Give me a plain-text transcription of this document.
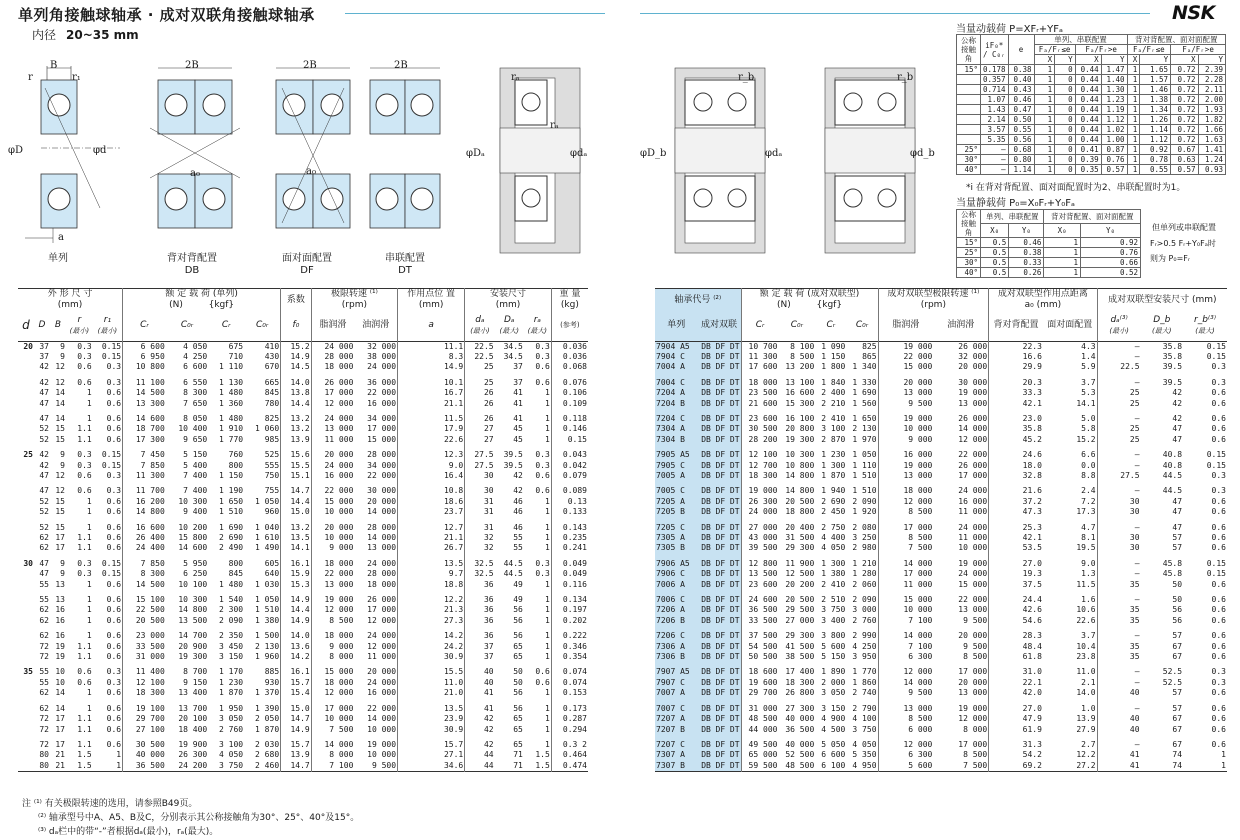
单列角接触球轴承 · 成对双联角接触球轴承
内径 20~35 mm
NSK
B
r	r₁
φD	φd
a
单列
2B
a₀
背对背配置
DB
2B
a₀
面对面配置
DF
2B
串联配置
DT
φDₐ	φdₐ
rₐ
rₐ
φD_b	φdₐ
r_b
φd_b
r_b
当量动载荷 P=XFᵣ+YFₐ
公称接触角	iF₀* / C₀ᵣ	e	单列、串联配置				背对背配置、面对面配置			
			Fₐ/Fᵣ≤e		Fₐ/Fᵣ>e		Fₐ/Fᵣ≤e		Fₐ/Fᵣ>e	
			X	Y	X	Y	X	Y	X	Y
15°	0.178	0.38	1	0	0.44	1.47	1	1.65	0.72	2.39
	0.357	0.40	1	0	0.44	1.40	1	1.57	0.72	2.28
	0.714	0.43	1	0	0.44	1.30	1	1.46	0.72	2.11
	1.07	0.46	1	0	0.44	1.23	1	1.38	0.72	2.00
	1.43	0.47	1	0	0.44	1.19	1	1.34	0.72	1.93
	2.14	0.50	1	0	0.44	1.12	1	1.26	0.72	1.82
	3.57	0.55	1	0	0.44	1.02	1	1.14	0.72	1.66
	5.35	0.56	1	0	0.44	1.00	1	1.12	0.72	1.63
25°	—	0.68	1	0	0.41	0.87	1	0.92	0.67	1.41
30°	—	0.80	1	0	0.39	0.76	1	0.78	0.63	1.24
40°	—	1.14	1	0	0.35	0.57	1	0.55	0.57	0.93
*i 在背对背配置、面对面配置时为2、串联配置时为1。
当量静载荷 P₀=X₀Fᵣ+Y₀Fₐ
公称接触角	单列、串联配置		背对背配置、面对面配置	
	X₀	Y₀	X₀	Y₀
15°	0.5	0.46	1	0.92
25°	0.5	0.38	1	0.76
30°	0.5	0.33	1	0.66
40°	0.5	0.26	1	0.52
但单列或串联配置
Fᵣ>0.5 Fᵣ+Y₀Fₐ时
则为 P₀=Fᵣ
外 形 尺 寸
(mm)					额 定 载 荷 (单列)
(N) {kgf}				系数	极限转速 ⁽¹⁾
(rpm)		作用点位 置
(mm)	安装尺寸
(mm)			重 量
(kg)
d	D	B	r
(最小)	r₁
(最小)	Cᵣ	C₀ᵣ	Cᵣ	C₀ᵣ	f₀	脂润滑	油润滑	a	dₐ
(最小)	Dₐ
(最大)	rₐ
(最大)	(参考)
20	37	9	0.3	0.15	6 600	4 050	675	410	15.2	24 000	32 000	11.1	22.5	34.5	0.3	0.036
	37	9	0.3	0.15	6 950	4 250	710	430	14.9	28 000	38 000	8.3	22.5	34.5	0.3	0.036
	42	12	0.6	0.3	10 800	6 600	1 110	670	14.5	18 000	24 000	14.9	25	37	0.6	0.068
	42	12	0.6	0.3	11 100	6 550	1 130	665	14.0	26 000	36 000	10.1	25	37	0.6	0.076
	47	14	1	0.6	14 500	8 300	1 480	845	13.8	17 000	22 000	16.7	26	41	1	0.106
	47	14	1	0.6	13 300	7 650	1 360	780	14.4	12 000	16 000	21.1	26	41	1	0.109
	47	14	1	0.6	14 600	8 050	1 480	825	13.2	24 000	34 000	11.5	26	41	1	0.118
	52	15	1.1	0.6	18 700	10 400	1 910	1 060	13.2	13 000	17 000	17.9	27	45	1	0.146
	52	15	1.1	0.6	17 300	9 650	1 770	985	13.9	11 000	15 000	22.6	27	45	1	0.15
25	42	9	0.3	0.15	7 450	5 150	760	525	15.6	20 000	28 000	12.3	27.5	39.5	0.3	0.043
	42	9	0.3	0.15	7 850	5 400	800	555	15.5	24 000	34 000	9.0	27.5	39.5	0.3	0.042
	47	12	0.6	0.3	11 300	7 400	1 150	750	15.1	16 000	22 000	16.4	30	42	0.6	0.079
	47	12	0.6	0.3	11 700	7 400	1 190	755	14.7	22 000	30 000	10.8	30	42	0.6	0.089
	52	15	1	0.6	16 200	10 300	1 650	1 050	14.4	15 000	20 000	18.6	31	46	1	0.13
	52	15	1	0.6	14 800	9 400	1 510	960	15.0	10 000	14 000	23.7	31	46	1	0.133
	52	15	1	0.6	16 600	10 200	1 690	1 040	13.2	20 000	28 000	12.7	31	46	1	0.143
	62	17	1.1	0.6	26 400	15 800	2 690	1 610	13.5	10 000	14 000	21.1	32	55	1	0.235
	62	17	1.1	0.6	24 400	14 600	2 490	1 490	14.1	9 000	13 000	26.7	32	55	1	0.241
30	47	9	0.3	0.15	7 850	5 950	800	605	16.1	18 000	24 000	13.5	32.5	44.5	0.3	0.049
	47	9	0.3	0.15	8 300	6 250	845	640	15.9	22 000	28 000	9.7	32.5	44.5	0.3	0.049
	55	13	1	0.6	14 500	10 100	1 480	1 030	15.3	13 000	18 000	18.8	36	49	1	0.116
	55	13	1	0.6	15 100	10 300	1 540	1 050	14.9	19 000	26 000	12.2	36	49	1	0.134
	62	16	1	0.6	22 500	14 800	2 300	1 510	14.4	12 000	17 000	21.3	36	56	1	0.197
	62	16	1	0.6	20 500	13 500	2 090	1 380	14.9	8 500	12 000	27.3	36	56	1	0.202
	62	16	1	0.6	23 000	14 700	2 350	1 500	14.0	18 000	24 000	14.2	36	56	1	0.222
	72	19	1.1	0.6	33 500	20 900	3 450	2 130	13.6	9 000	12 000	24.2	37	65	1	0.346
	72	19	1.1	0.6	31 000	19 300	3 150	1 960	14.2	8 000	11 000	30.9	37	65	1	0.354
35	55	10	0.6	0.3	11 400	8 700	1 170	885	16.1	15 000	20 000	15.5	40	50	0.6	0.074
	55	10	0.6	0.3	12 100	9 150	1 230	930	15.7	18 000	24 000	11.0	40	50	0.6	0.074
	62	14	1	0.6	18 300	13 400	1 870	1 370	15.4	12 000	16 000	21.0	41	56	1	0.153
	62	14	1	0.6	19 100	13 700	1 950	1 390	15.0	17 000	22 000	13.5	41	56	1	0.173
	72	17	1.1	0.6	29 700	20 100	3 050	2 050	14.7	10 000	14 000	23.9	42	65	1	0.287
	72	17	1.1	0.6	27 100	18 400	2 760	1 870	14.9	7 500	10 000	30.9	42	65	1	0.294
	72	17	1.1	0.6	30 500	19 900	3 100	2 030	15.7	14 000	19 000	15.7	42	65	1	0.3 2
	80	21	1.5	1	40 000	26 300	4 050	2 680	13.9	8 000	10 000	27.1	44	71	1.5	0.464
	80	21	1.5	1	36 500	24 200	3 750	2 460	14.7	7 100	9 500	34.6	44	71	1.5	0.474
轴承代号 ⁽²⁾				额 定 载 荷 (成对双联型)
(N) {kgf}				成对双联型极限转速 ⁽¹⁾
(rpm)		成对双联型作用点距离
a₀ (mm)		成对双联型安装尺寸 (mm)		
单列	成对双联			Cᵣ	C₀ᵣ	Cᵣ	C₀ᵣ	脂润滑	油润滑	背对背配置	面对面配置	dₐ⁽³⁾
(最小)	D_b
(最大)	r_b⁽³⁾
(最大)
7904 A5	DB	DF	DT	10 700	8 100	1 090	825	19 000	26 000	22.3	4.3	—	35.8	0.15
7904 C	DB	DF	DT	11 300	8 500	1 150	865	22 000	32 000	16.6	1.4	—	35.8	0.15
7004 A	DB	DF	DT	17 600	13 200	1 800	1 340	15 000	20 000	29.9	5.9	22.5	39.5	0.3
7004 C	DB	DF	DT	18 000	13 100	1 840	1 330	20 000	30 000	20.3	3.7	—	39.5	0.3
7204 A	DB	DF	DT	23 500	16 600	2 400	1 690	13 000	19 000	33.3	5.3	25	42	0.6
7204 B	DB	DF	DT	21 600	15 300	2 210	1 560	9 500	13 000	42.1	14.1	25	42	0.6
7204 C	DB	DF	DT	23 600	16 100	2 410	1 650	19 000	26 000	23.0	5.0	—	42	0.6
7304 A	DB	DF	DT	30 500	20 800	3 100	2 130	10 000	14 000	35.8	5.8	25	47	0.6
7304 B	DB	DF	DT	28 200	19 300	2 870	1 970	9 000	12 000	45.2	15.2	25	47	0.6
7905 A5	DB	DF	DT	12 100	10 300	1 230	1 050	16 000	22 000	24.6	6.6	—	40.8	0.15
7905 C	DB	DF	DT	12 700	10 800	1 300	1 110	19 000	26 000	18.0	0.0	—	40.8	0.15
7005 A	DB	DF	DT	18 300	14 800	1 870	1 510	13 000	17 000	32.8	8.8	27.5	44.5	0.3
7005 C	DB	DF	DT	19 000	14 800	1 940	1 510	18 000	24 000	21.6	2.4	—	44.5	0.3
7205 A	DB	DF	DT	26 300	20 500	2 690	2 090	12 000	16 000	37.2	7.2	30	47	0.6
7205 B	DB	DF	DT	24 000	18 800	2 450	1 920	8 500	11 000	47.3	17.3	30	47	0.6
7205 C	DB	DF	DT	27 000	20 400	2 750	2 080	17 000	24 000	25.3	4.7	—	47	0.6
7305 A	DB	DF	DT	43 000	31 500	4 400	3 250	8 500	11 000	42.1	8.1	30	57	0.6
7305 B	DB	DF	DT	39 500	29 300	4 050	2 980	7 500	10 000	53.5	19.5	30	57	0.6
7906 A5	DB	DF	DT	12 800	11 900	1 300	1 210	14 000	19 000	27.0	9.0	—	45.8	0.15
7906 C	DB	DF	DT	13 500	12 500	1 380	1 280	17 000	24 000	19.3	1.3	—	45.8	0.15
7006 A	DB	DF	DT	23 600	20 200	2 410	2 060	11 000	15 000	37.5	11.5	35	50	0.6
7006 C	DB	DF	DT	24 600	20 500	2 510	2 090	15 000	22 000	24.4	1.6	—	50	0.6
7206 A	DB	DF	DT	36 500	29 500	3 750	3 000	10 000	13 000	42.6	10.6	35	56	0.6
7206 B	DB	DF	DT	33 500	27 000	3 400	2 760	7 100	9 500	54.6	22.6	35	56	0.6
7206 C	DB	DF	DT	37 500	29 300	3 800	2 990	14 000	20 000	28.3	3.7	—	57	0.6
7306 A	DB	DF	DT	54 500	41 500	5 600	4 250	7 100	9 500	48.4	10.4	35	67	0.6
7306 B	DB	DF	DT	50 500	38 500	5 150	3 950	6 300	8 500	61.8	23.8	35	67	0.6
7907 A5	DB	DF	DT	18 600	17 400	1 890	1 770	12 000	17 000	31.0	11.0	—	52.5	0.3
7907 C	DB	DF	DT	19 600	18 300	2 000	1 860	14 000	20 000	22.1	2.1	—	52.5	0.3
7007 A	DB	DF	DT	29 700	26 800	3 050	2 740	9 500	13 000	42.0	14.0	40	57	0.6
7007 C	DB	DF	DT	31 000	27 300	3 150	2 790	13 000	19 000	27.0	1.0	—	57	0.6
7207 A	DB	DF	DT	48 500	40 000	4 900	4 100	8 500	12 000	47.9	13.9	40	67	0.6
7207 B	DB	DF	DT	44 000	36 500	4 500	3 750	6 000	8 000	61.9	27.9	40	67	0.6
7207 C	DB	DF	DT	49 500	40 000	5 050	4 050	12 000	17 000	31.3	2.7	—	67	0.6
7307 A	DB	DF	DT	65 000	52 500	6 600	5 350	6 300	8 500	54.2	12.2	41	74	1
7307 B	DB	DF	DT	59 500	48 500	6 100	4 950	5 600	7 500	69.2	27.2	41	74	1
注 ⁽¹⁾ 有关极限转速的选用，请参照B49页。
⁽²⁾ 轴承型号中A、A5、B及C，分别表示其公称接触角为30°、25°、40°及15°。
⁽³⁾ dₐ栏中的带“-”者根据dₐ(最小)，rₐ(最大)。
